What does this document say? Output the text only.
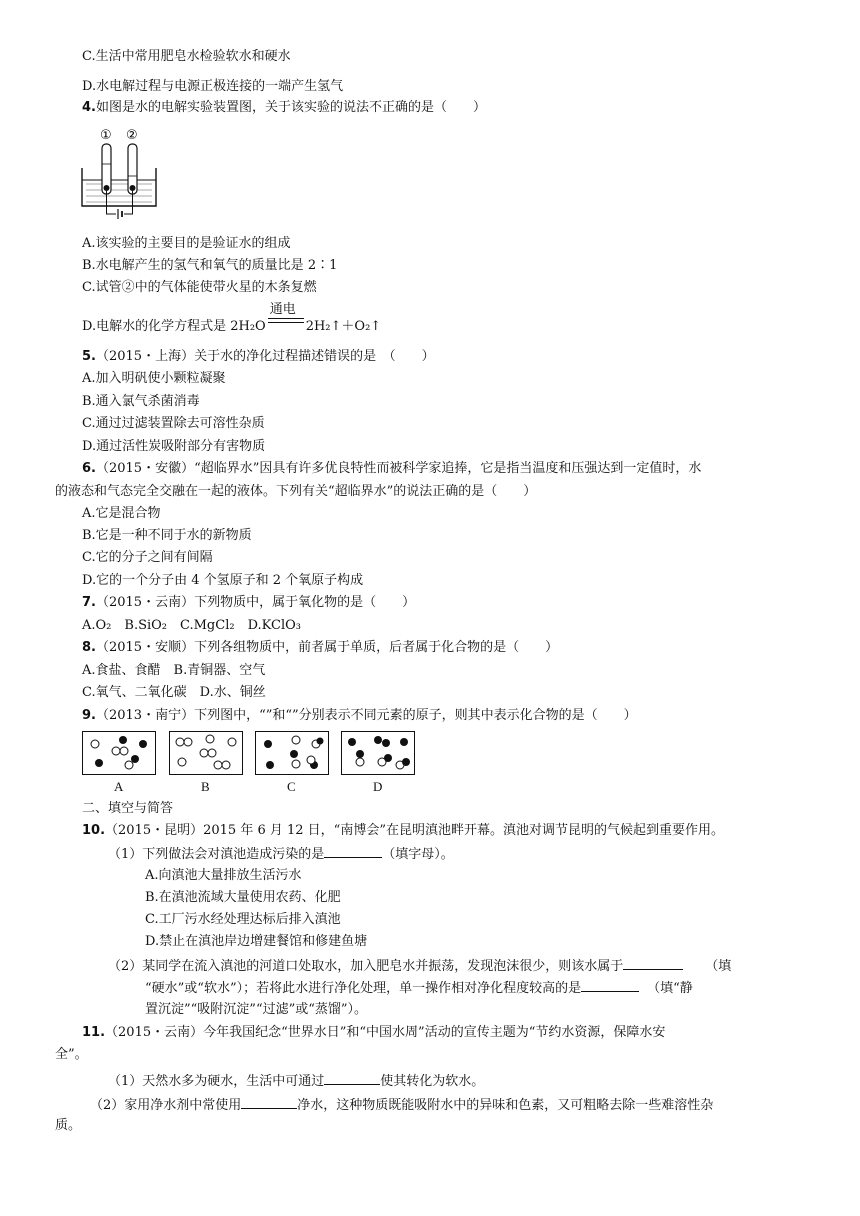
C.生活中常用肥皂水检验软水和硬水
D.水电解过程与电源正极连接的一端产生氢气
4.如图是水的电解实验装置图，关于该实验的说法不正确的是（　　）
① ②
A.该实验的主要目的是验证水的组成
B.水电解产生的氢气和氧气的质量比是 2∶1
C.试管②中的气体能使带火星的木条复燃
D.电解水的化学方程式是 2H₂O
通电
2H₂↑＋O₂↑
5.（2015・上海）关于水的净化过程描述错误的是　（　　）
A.加入明矾使小颗粒凝聚
B.通入氯气杀菌消毒
C.通过过滤装置除去可溶性杂质
D.通过活性炭吸附部分有害物质
6.（2015・安徽）“超临界水”因具有许多优良特性而被科学家追捧，它是指当温度和压强达到一定值时，水
的液态和气态完全交融在一起的液体。下列有关“超临界水”的说法正确的是（　　）
A.它是混合物
B.它是一种不同于水的新物质
C.它的分子之间有间隔
D.它的一个分子由 4 个氢原子和 2 个氧原子构成
7.（2015・云南）下列物质中，属于氧化物的是（　　）
A.O₂　B.SiO₂　C.MgCl₂　D.KClO₃
8.（2015・安顺）下列各组物质中，前者属于单质，后者属于化合物的是（　　）
A.食盐、食醋　B.青铜器、空气
C.氧气、二氧化碳　D.水、铜丝
9.（2013・南宁）下列图中，“”和“”分别表示不同元素的原子，则其中表示化合物的是（　　）
A	B	C	D
二、填空与简答
10.（2015・昆明）2015 年 6 月 12 日，“南博会”在昆明滇池畔开幕。滇池对调节昆明的气候起到重要作用。
（1）下列做法会对滇池造成污染的是	（填字母）。
A.向滇池大量排放生活污水
B.在滇池流域大量使用农药、化肥
C.工厂污水经处理达标后排入滇池
D.禁止在滇池岸边增建餐馆和修建鱼塘
（2）某同学在流入滇池的河道口处取水，加入肥皂水并振荡，发现泡沫很少，则该水属于	（填
“硬水”或“软水”）；若将此水进行净化处理，单一操作相对净化程度较高的是	（填“静
置沉淀”“吸附沉淀”“过滤”或“蒸馏”）。
11.（2015・云南）今年我国纪念“世界水日”和“中国水周”活动的宣传主题为“节约水资源，保障水安
全”。
（1）天然水多为硬水，生活中可通过	使其转化为软水。
（2）家用净水剂中常使用	净水，这种物质既能吸附水中的异味和色素，又可粗略去除一些难溶性杂
质。
